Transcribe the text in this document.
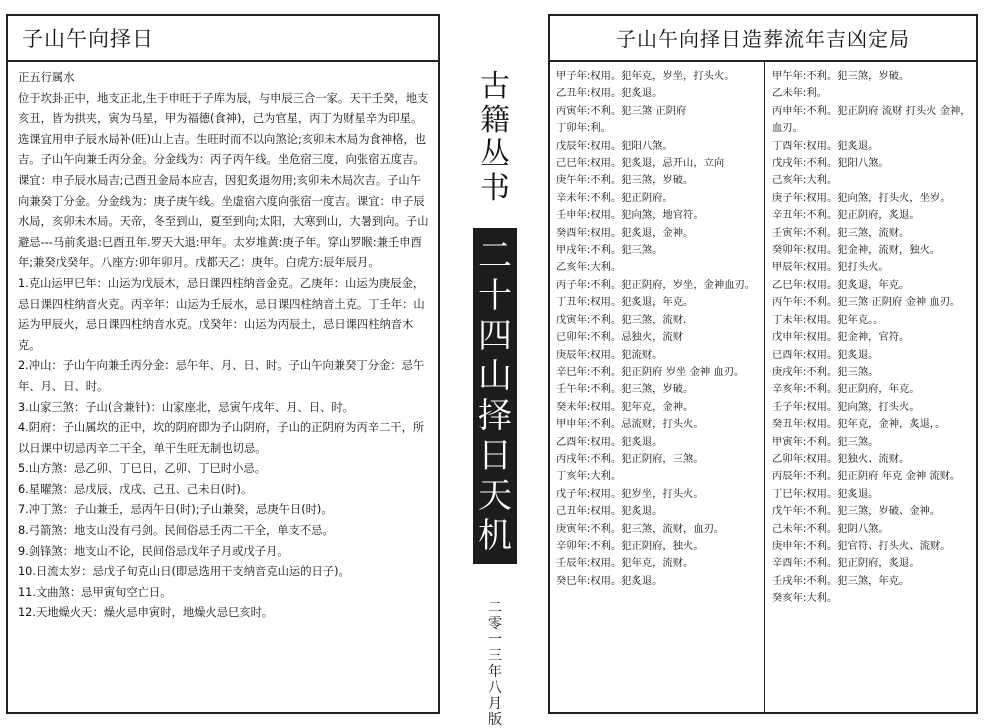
子山午向择日

正五行属水

位于坎卦正中，地支正北,生于申旺于子库为辰，与申辰三合一家。天干壬癸，地支亥丑，皆为拱夹，寅为马星，甲为福德(食神)，己为官星，丙丁为财星辛为印星。选课宜用申子辰水局补(旺)山上吉。生旺时而不以向煞论;亥卯未木局为食神格，也吉。子山午向兼壬丙分金。分金线为：丙子丙午线。坐危宿三度，向张宿五度吉。课宜：申子辰水局吉;己酉丑金局本应吉，因犯炙退勿用;亥卯未木局次吉。子山午向兼癸丁分金。分金线为：庚子庚午线。坐虚宿六度向张宿一度吉。课宜：申子辰水局，亥卯未木局。天帝，冬至到山，夏至到向;太阳，大寒到山，大暑到向。子山避忌---马前炙退:巳酉丑年.罗天大退:甲年。太岁堆黄:庚子年。穿山罗睺:兼壬申酉年;兼癸戊癸年。八座方:卯年卯月。戊都天乙：庚年。白虎方:辰年辰月。

1.克山运甲巳年：山运为戊辰木，忌日课四柱纳音金克。乙庚年：山运为庚辰金，忌日课四柱纳音火克。丙辛年：山运为壬辰水，忌日课四柱纳音土克。丁壬年：山运为甲辰火，忌日课四柱纳音水克。戊癸年：山运为丙辰土，忌日课四柱纳音木克。

2.冲山：子山午向兼壬丙分金：忌午年、月、日、时。子山午向兼癸丁分金：忌午年、月、日、时。

3.山家三煞：子山(含兼针)：山家座北，忌寅午戌年、月、日、时。

4.阴府：子山属坎的正中，坎的阴府即为子山阴府，子山的正阴府为丙辛二干，所以日课中切忌丙辛二干全，单干生旺无制也切忌。

5.山方煞：忌乙卯、丁巳日，乙卯、丁巳时小忌。

6.星曜煞：忌戊辰、戊戌、己丑、己未日(时)。

7.冲丁煞：子山兼壬，忌丙午日(时);子山兼癸，忌庚午日(时)。

8.弓箭煞：地支山没有弓剑。民间俗忌壬丙二干全，单支不忌。

9.剑锋煞：地支山不论，民间俗忌戊年子月或戊子月。

10.日流太岁：忌戊子旬克山日(即忌选用干支纳音克山运的日子)。

11.文曲煞：忌甲寅旬空亡日。

12.天地燥火天：燥火忌申寅时，地燥火忌巳亥时。

古籍丛书
二十四山择日天机
二零一三年八月版
子山午向择日造葬流年吉凶定局

甲子年:权用。犯年克，岁坐，打头火。

乙丑年:权用。犯炙退。

丙寅年:不利。犯三煞 正阴府

丁卯年:利。

戊辰年:权用。犯阳八煞。

己巳年:权用。犯炙退，忌开山，立向

庚午年:不利。犯三煞，岁破。

辛未年:不利。犯正阴府。

壬申年:权用。犯向煞，地官符。

癸酉年:权用。犯炙退，金神。

甲戌年:不利。犯三煞。

乙亥年:大利。

丙子年:不利。犯正阴府，岁坐，金神血刃。

丁丑年:权用。犯炙退，年克。

戊寅年:不利。犯三煞，流财.

已卯年:不利。忌独火，流财

庚辰年:权用。犯流财。

辛巳年:不利。犯正阴府 岁坐 金神 血刃。

壬午年:不利。犯三煞，岁破。

癸未年:权用。犯年克，金神。

甲申年:不利。忌流财，打头火。

乙酉年:权用。犯炙退。

丙戌年:不利。犯正阴府，三煞。

丁亥年:大利。

戊子年:权用。犯岁坐，打头火。

己丑年:权用。犯炙退。

庚寅年:不利。犯三煞，流财，血刃。

辛卯年:不利。犯正阴府，独火。

壬辰年:权用。犯年克，流财。

癸巳年:权用。犯炙退。

甲午年:不利。犯三煞，岁破。

乙未年:利。

丙申年:不利。犯正阴府 流财 打头火 金神，血刃。

丁酉年:权用。犯炙退。

戊戌年:不利。犯阳八煞。

己亥年:大利。

庚子年:权用。犯向煞，打头火，坐岁。

辛丑年:不利。犯正阴府，炙退。

壬寅年:不利。犯三煞，流财。

癸卯年:权用。犯金神，流财，独火。

甲辰年:权用。犯打头火。

乙巳年:权用。犯炙退，年克。

丙午年:不利。犯三煞 正阴府 金神 血刃。

丁未年:权用。犯年克。。

戊申年:权用。犯金神，官符。

已酉年:权用。犯炙退。

庚戌年:不利。犯三煞。

辛亥年:不利。犯正阴府，年克。

壬子年:权用。犯向煞，打头火。

癸丑年:权用。犯年克，金神，炙退，。

甲寅年:不利。犯三煞。

乙卯年:权用。犯独火、流财。

丙辰年:不利。犯正阴府 年克 金神 流财。

丁巳年:权用。犯炙退。

戊午年:不利。犯三煞，岁破、金神。

己未年:不利。犯阴八煞。

庚申年:不利。犯官符、打头火、流财。

辛酉年:不利。犯正阴府，炙退。

壬戌年:不利。犯三煞，年克。

癸亥年:大利。
